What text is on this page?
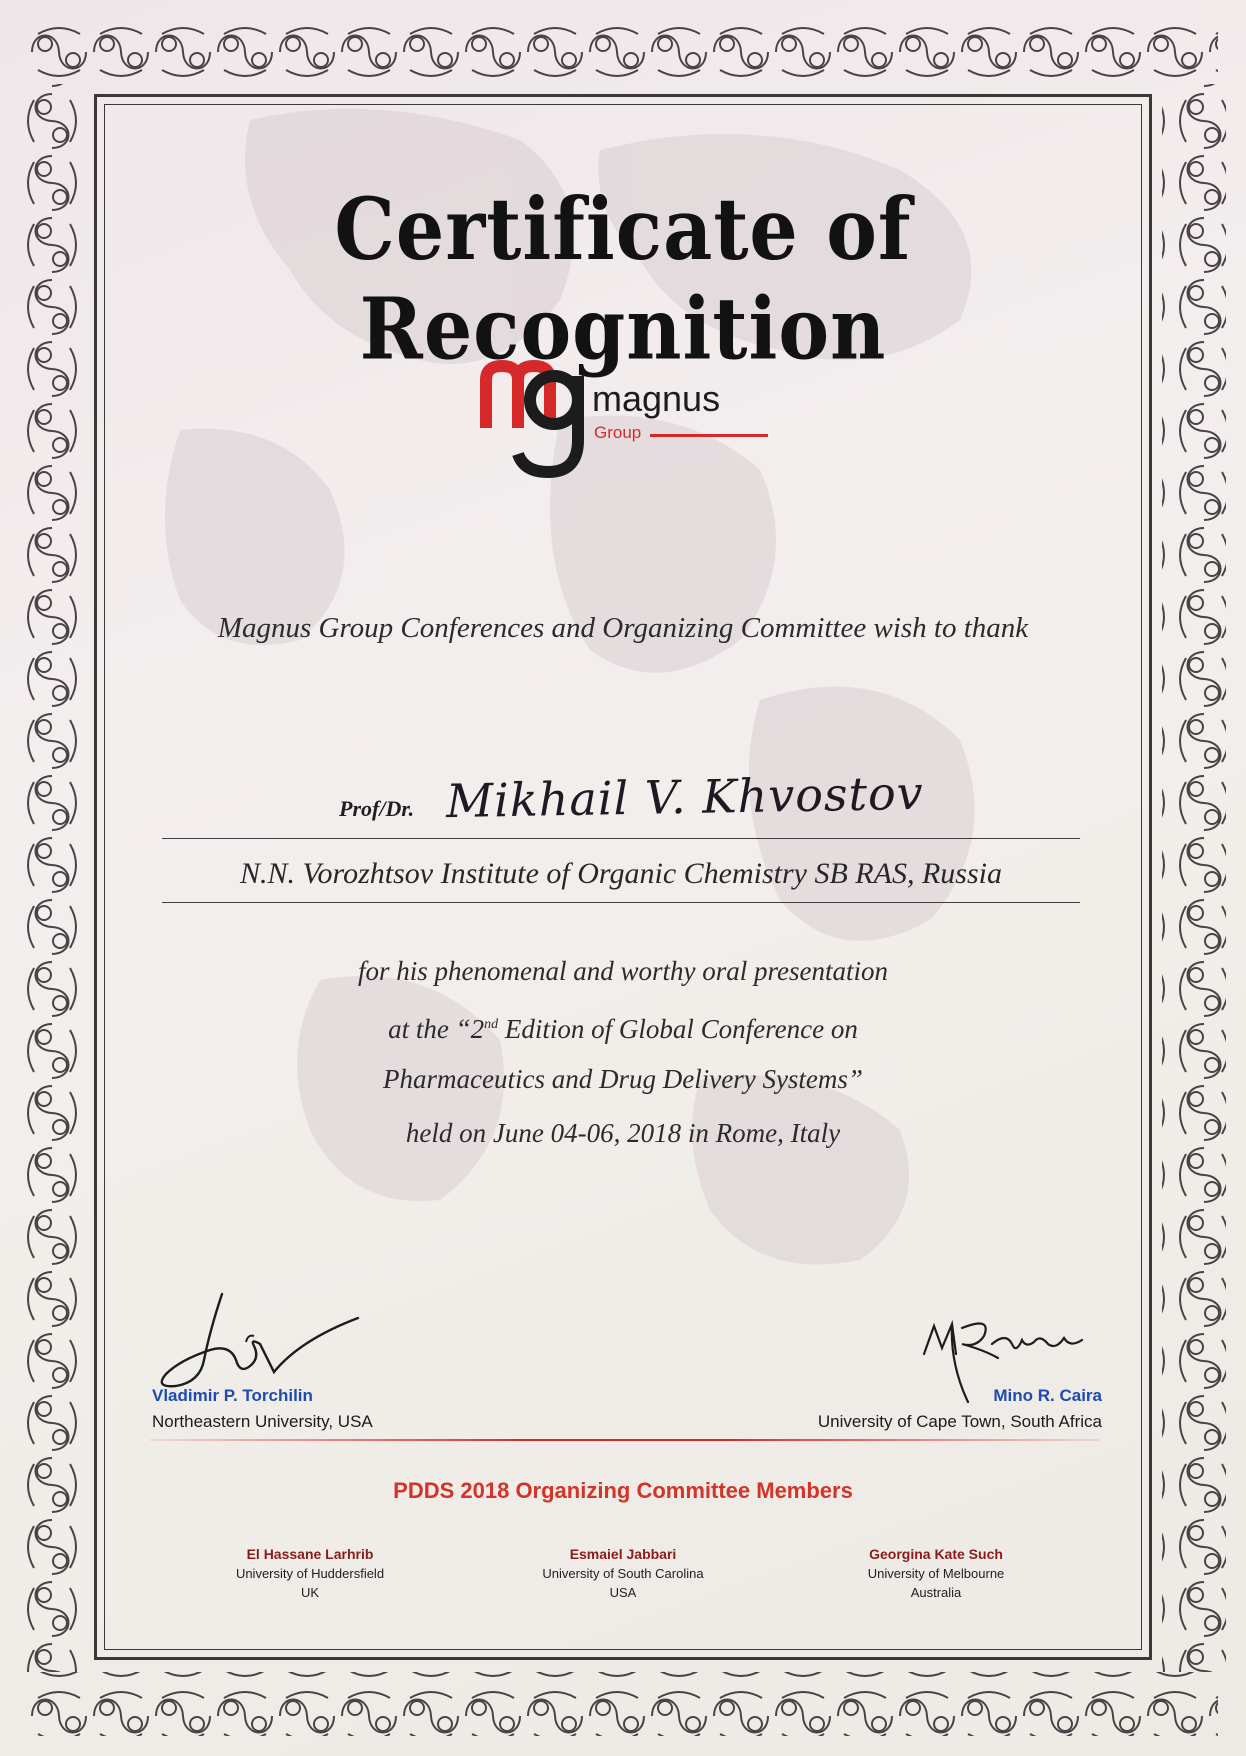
Certificate of Recognition
magnus
Group
Magnus Group Conferences and Organizing Committee wish to thank
Prof/Dr. Mikhail V. Khvostov
N.N. Vorozhtsov Institute of Organic Chemistry SB RAS, Russia
for his phenomenal and worthy oral presentation
at the “2nd Edition of Global Conference on
Pharmaceutics and Drug Delivery Systems”
held on June 04-06, 2018 in Rome, Italy
Vladimir P. Torchilin
Northeastern University, USA
Mino R. Caira
University of Cape Town, South Africa
PDDS 2018 Organizing Committee Members
El Hassane Larhrib
University of Huddersfield
UK
Esmaiel Jabbari
University of South Carolina
USA
Georgina Kate Such
University of Melbourne
Australia
